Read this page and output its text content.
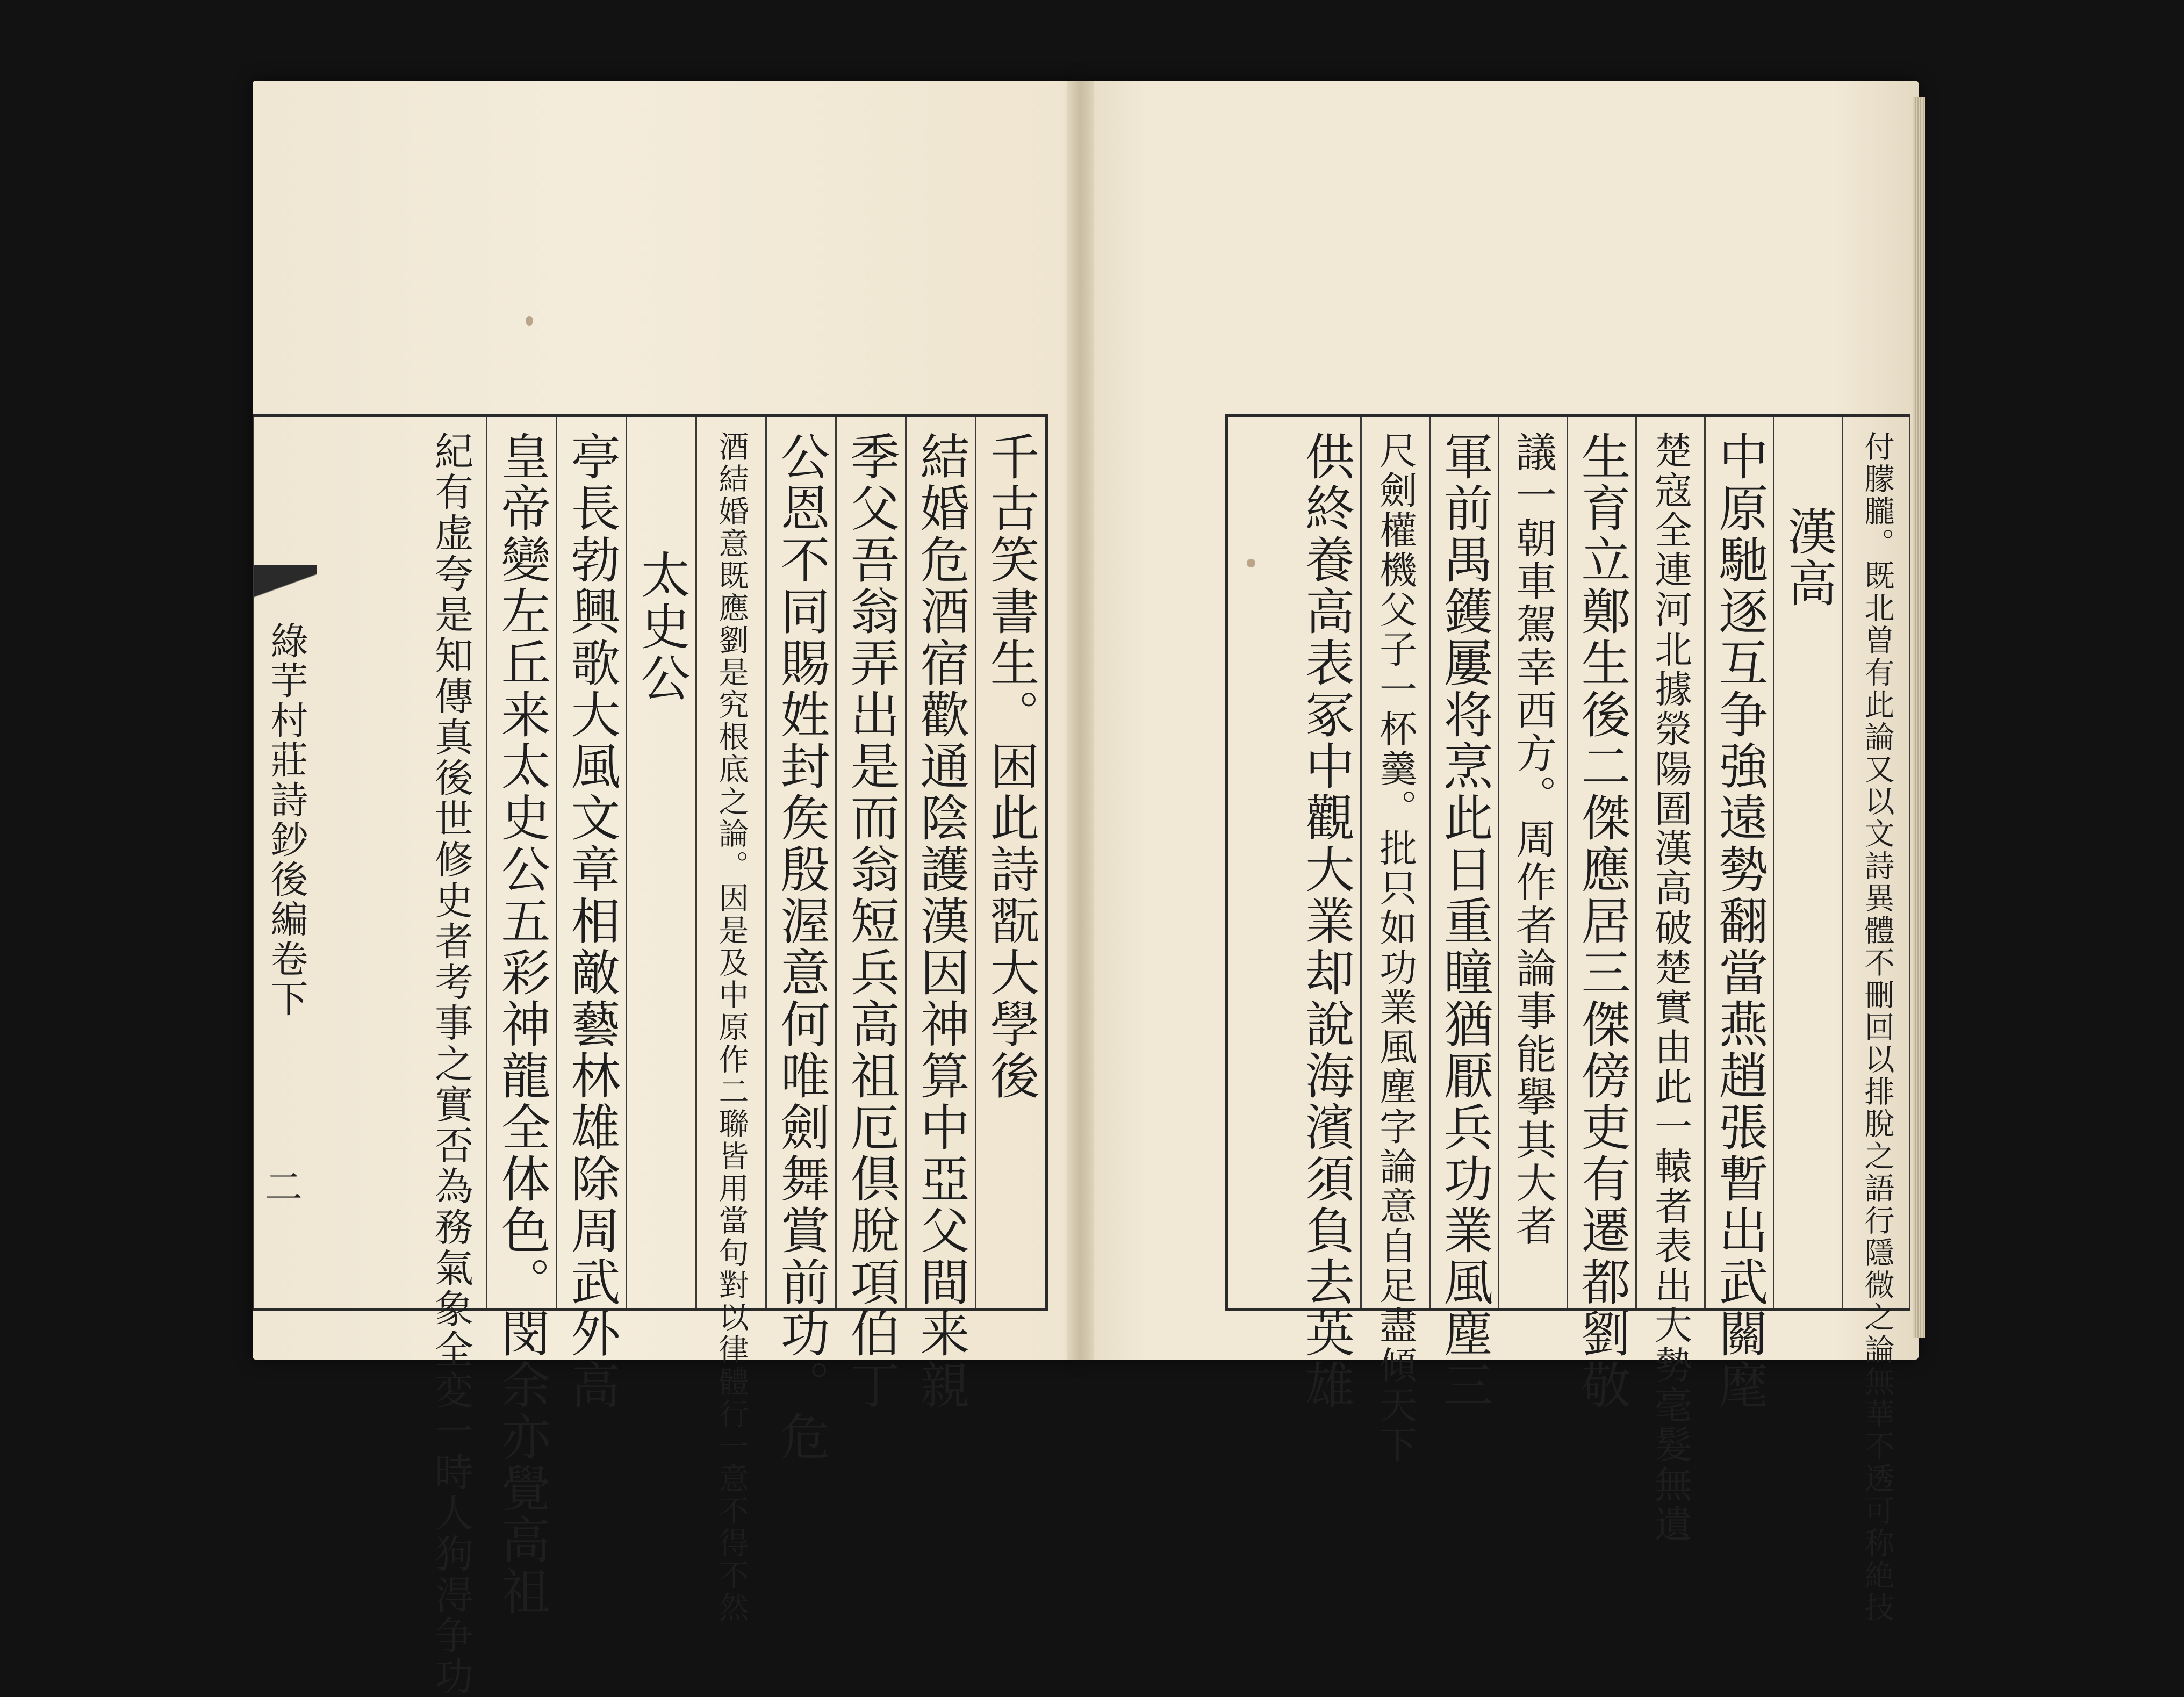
綠芋村莊詩鈔後編卷下
二
千古笑書生。困此詩翫大學後
結婚危酒宿歡通陰護漢因神算中亞父間来親
季父吾翁弄出是而翁短兵高祖厄倶脫項伯丁
公恩不同賜姓封矦殷渥意何唯劍舞賞前功。危
酒結婚意既應劉是究根底之論。因是及中原作二聯皆用當句對以律體行一意不得不然
太史公
亭長勃興歌大風文章相敵藝林雄除周武外高
皇帝變左丘来太史公五彩神龍全体色。閔余亦覺高祖
紀有虚夸是知傳真後世修史者考事之實否為務氣象全変一時人狗淂争功	付朦朧。既北曽有此論又以文詩異體不刪回以排脫之語行隱微之論無華不透可称絶技
漢高
中原馳逐互争強遠勢翻當燕趙張暫出武關麾
楚寇全連河北據滎陽圄漢高破楚實由此一轅者表出大勢毫髮無遺
生育立鄭生後二傑應居三傑傍吏有遷都劉敬
議一朝車駕幸西方。周作者論事能擧其大者
軍前禺鑊屢将烹此日重瞳猶厭兵功業風塵三
尺劍權機父子一杯羹。批只如功業風塵字論意自足盡傾天下
供終養高表冢中觀大業却說海濱須負去英雄
